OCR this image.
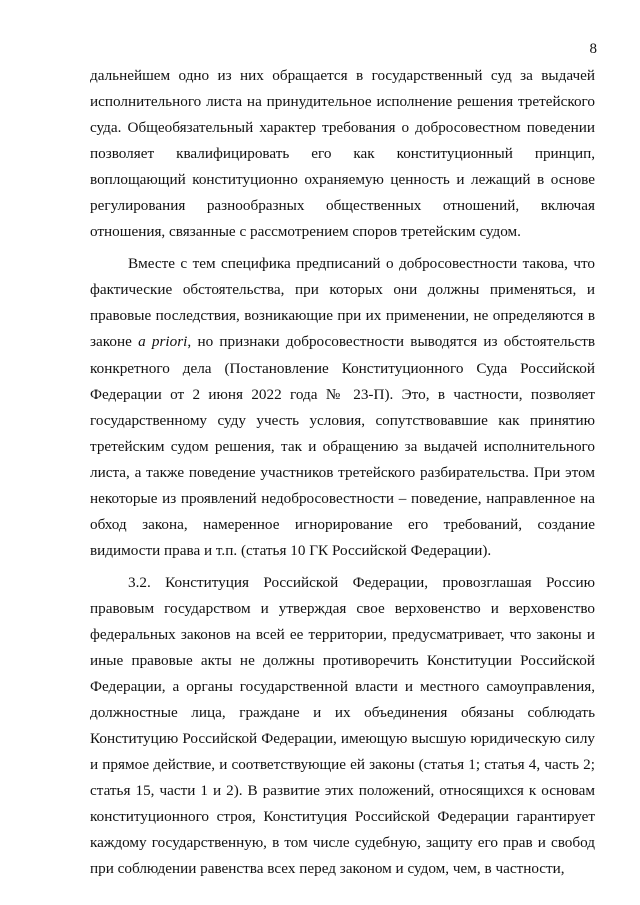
8

дальнейшем одно из них обращается в государственный суд за выдачей исполнительного листа на принудительное исполнение решения третейского суда. Общеобязательный характер требования о добросовестном поведении позволяет квалифицировать его как конституционный принцип, воплощающий конституционно охраняемую ценность и лежащий в основе регулирования разнообразных общественных отношений, включая отношения, связанные с рассмотрением споров третейским судом.

Вместе с тем специфика предписаний о добросовестности такова, что фактические обстоятельства, при которых они должны применяться, и правовые последствия, возникающие при их применении, не определяются в законе a priori, но признаки добросовестности выводятся из обстоятельств конкретного дела (Постановление Конституционного Суда Российской Федерации от 2 июня 2022 года № 23-П). Это, в частности, позволяет государственному суду учесть условия, сопутствовавшие как принятию третейским судом решения, так и обращению за выдачей исполнительного листа, а также поведение участников третейского разбирательства. При этом некоторые из проявлений недобросовестности – поведение, направленное на обход закона, намеренное игнорирование его требований, создание видимости права и т.п. (статья 10 ГК Российской Федерации).

3.2. Конституция Российской Федерации, провозглашая Россию правовым государством и утверждая свое верховенство и верховенство федеральных законов на всей ее территории, предусматривает, что законы и иные правовые акты не должны противоречить Конституции Российской Федерации, а органы государственной власти и местного самоуправления, должностные лица, граждане и их объединения обязаны соблюдать Конституцию Российской Федерации, имеющую высшую юридическую силу и прямое действие, и соответствующие ей законы (статья 1; статья 4, часть 2; статья 15, части 1 и 2). В развитие этих положений, относящихся к основам конституционного строя, Конституция Российской Федерации гарантирует каждому государственную, в том числе судебную, защиту его прав и свобод при соблюдении равенства всех перед законом и судом, чем, в частности,
